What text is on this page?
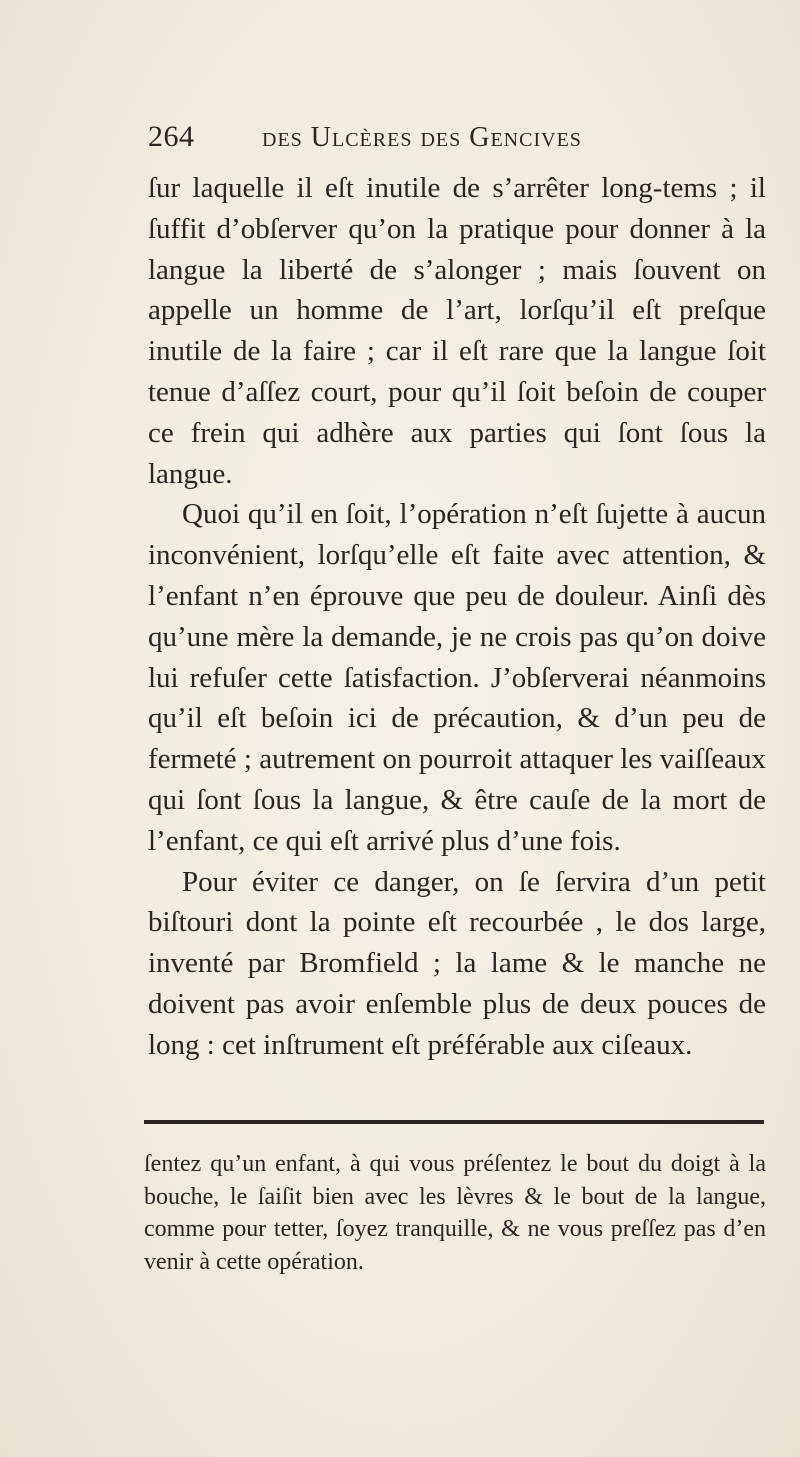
264 des Ulcères des Gencives

ſur laquelle il eſt inutile de s’arrêter long-tems ; il ſuffit d’obſerver qu’on la pratique pour donner à la langue la liberté de s’alonger ; mais ſouvent on appelle un homme de l’art, lorſqu’il eſt preſque inutile de la faire ; car il eſt rare que la langue ſoit tenue d’aſſez court, pour qu’il ſoit beſoin de couper ce frein qui adhère aux parties qui ſont ſous la langue.

Quoi qu’il en ſoit, l’opération n’eſt ſujette à aucun inconvénient, lorſqu’elle eſt faite avec attention, & l’enfant n’en éprouve que peu de douleur. Ainſi dès qu’une mère la demande, je ne crois pas qu’on doive lui refuſer cette ſatisfaction. J’obſerverai néanmoins qu’il eſt beſoin ici de précaution, & d’un peu de fermeté ; autrement on pourroit attaquer les vaiſſeaux qui ſont ſous la langue, & être cauſe de la mort de l’enfant, ce qui eſt arrivé plus d’une fois.

Pour éviter ce danger, on ſe ſervira d’un petit biſtouri dont la pointe eſt recourbée , le dos large, inventé par Bromfield ; la lame & le manche ne doivent pas avoir enſemble plus de deux pouces de long : cet inſtrument eſt préférable aux ciſeaux.

ſentez qu’un enfant, à qui vous préſentez le bout du doigt à la bouche, le ſaiſit bien avec les lèvres & le bout de la langue, comme pour tetter, ſoyez tranquille, & ne vous preſſez pas d’en venir à cette opération.
